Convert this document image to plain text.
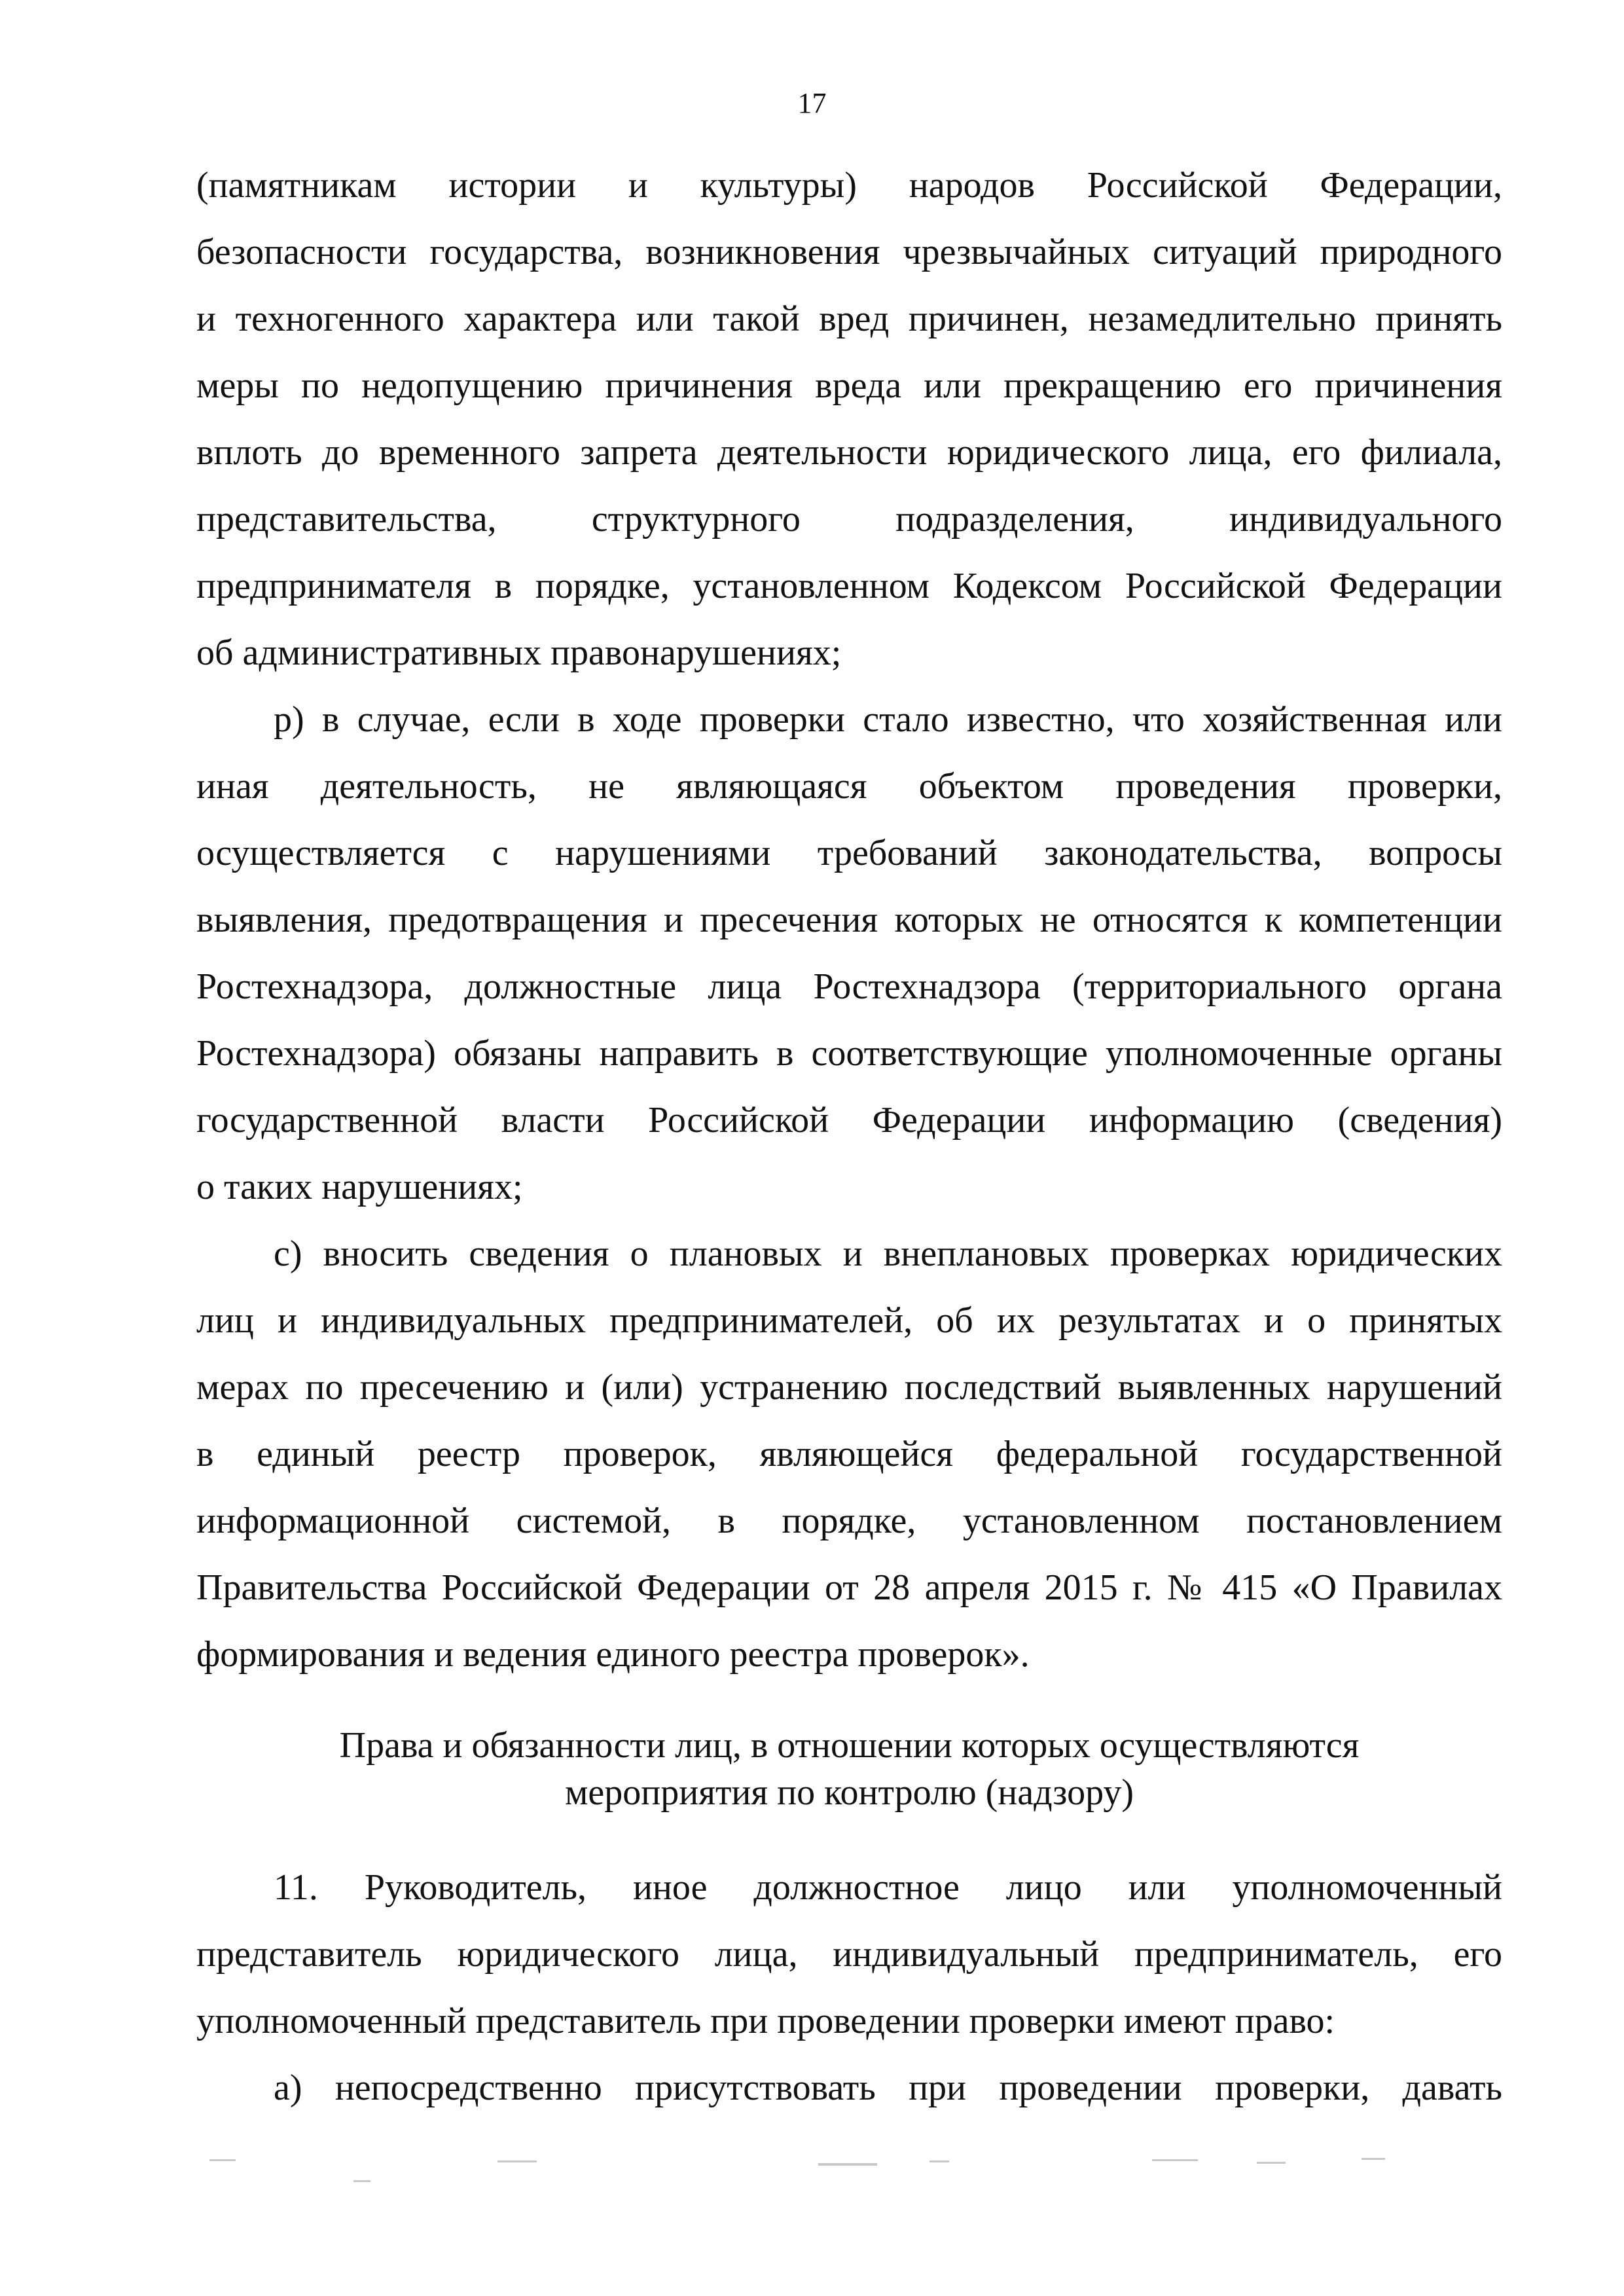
17
(памятникам истории и культуры) народов Российской Федерации,
безопасности государства, возникновения чрезвычайных ситуаций природного
и техногенного характера или такой вред причинен, незамедлительно принять
меры по недопущению причинения вреда или прекращению его причинения
вплоть до временного запрета деятельности юридического лица, его филиала,
представительства, структурного подразделения, индивидуального
предпринимателя в порядке, установленном Кодексом Российской Федерации
об административных правонарушениях;
р) в случае, если в ходе проверки стало известно, что хозяйственная или
иная деятельность, не являющаяся объектом проведения проверки,
осуществляется с нарушениями требований законодательства, вопросы
выявления, предотвращения и пресечения которых не относятся к компетенции
Ростехнадзора, должностные лица Ростехнадзора (территориального органа
Ростехнадзора) обязаны направить в соответствующие уполномоченные органы
государственной власти Российской Федерации информацию (сведения)
о таких нарушениях;
с) вносить сведения о плановых и внеплановых проверках юридических
лиц и индивидуальных предпринимателей, об их результатах и о принятых
мерах по пресечению и (или) устранению последствий выявленных нарушений
в единый реестр проверок, являющейся федеральной государственной
информационной системой, в порядке, установленном постановлением
Правительства Российской Федерации от 28 апреля 2015 г. № 415 «О Правилах
формирования и ведения единого реестра проверок».
Права и обязанности лиц, в отношении которых осуществляются
мероприятия по контролю (надзору)
11. Руководитель, иное должностное лицо или уполномоченный
представитель юридического лица, индивидуальный предприниматель, его
уполномоченный представитель при проведении проверки имеют право:
а) непосредственно присутствовать при проведении проверки, давать
